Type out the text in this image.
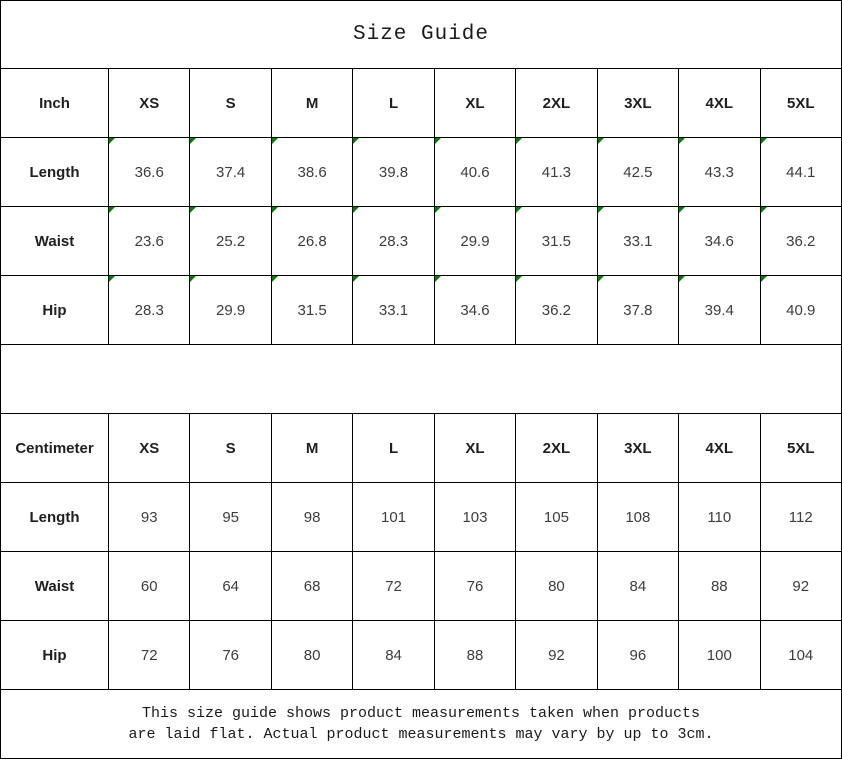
Size Guide									
Inch	XS	S	M	L	XL	2XL	3XL	4XL	5XL
Length	36.6	37.4	38.6	39.8	40.6	41.3	42.5	43.3	44.1
Waist	23.6	25.2	26.8	28.3	29.9	31.5	33.1	34.6	36.2
Hip	28.3	29.9	31.5	33.1	34.6	36.2	37.8	39.4	40.9

Centimeter	XS	S	M	L	XL	2XL	3XL	4XL	5XL
Length	93	95	98	101	103	105	108	110	112
Waist	60	64	68	72	76	80	84	88	92
Hip	72	76	80	84	88	92	96	100	104

This size guide shows product measurements taken when products
are laid flat. Actual product measurements may vary by up to 3cm.									
